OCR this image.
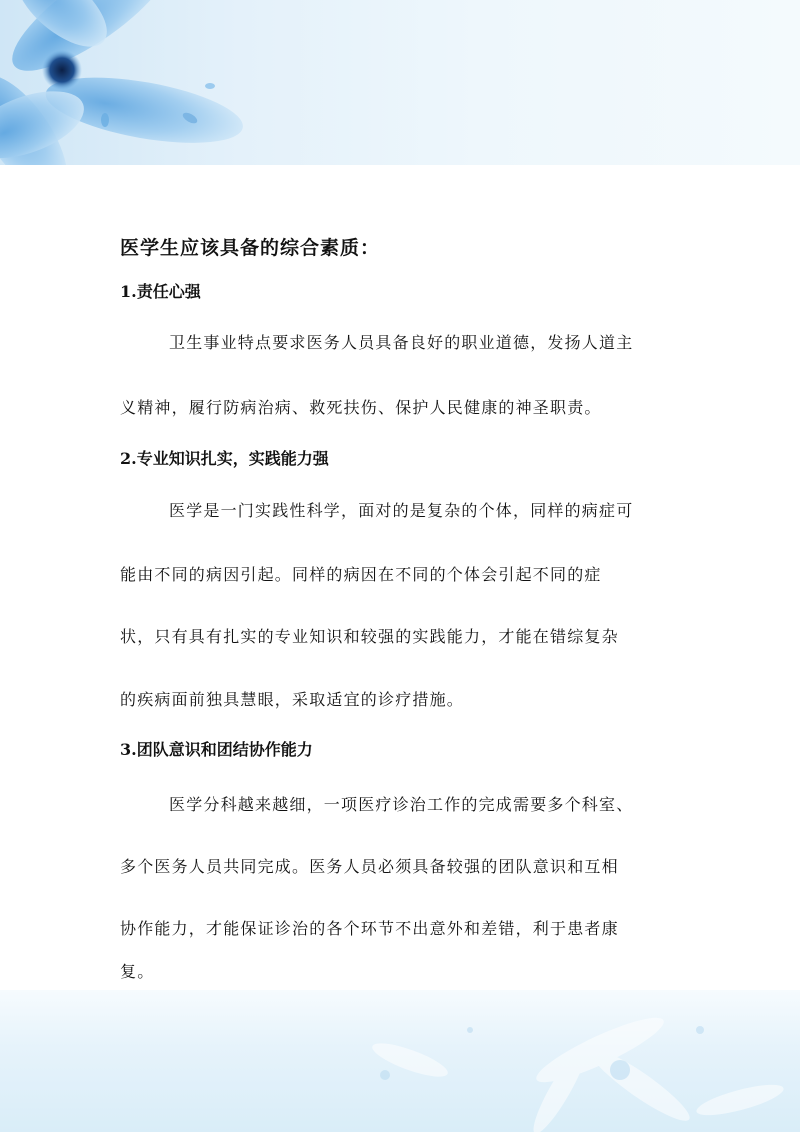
医学生应该具备的综合素质：
1.责任心强
卫生事业特点要求医务人员具备良好的职业道德，发扬人道主
义精神，履行防病治病、救死扶伤、保护人民健康的神圣职责。
2.专业知识扎实，实践能力强
医学是一门实践性科学，面对的是复杂的个体，同样的病症可
能由不同的病因引起。同样的病因在不同的个体会引起不同的症
状，只有具有扎实的专业知识和较强的实践能力，才能在错综复杂
的疾病面前独具慧眼，采取适宜的诊疗措施。
3.团队意识和团结协作能力
医学分科越来越细，一项医疗诊治工作的完成需要多个科室、
多个医务人员共同完成。医务人员必须具备较强的团队意识和互相
协作能力，才能保证诊治的各个环节不出意外和差错，利于患者康
复。
